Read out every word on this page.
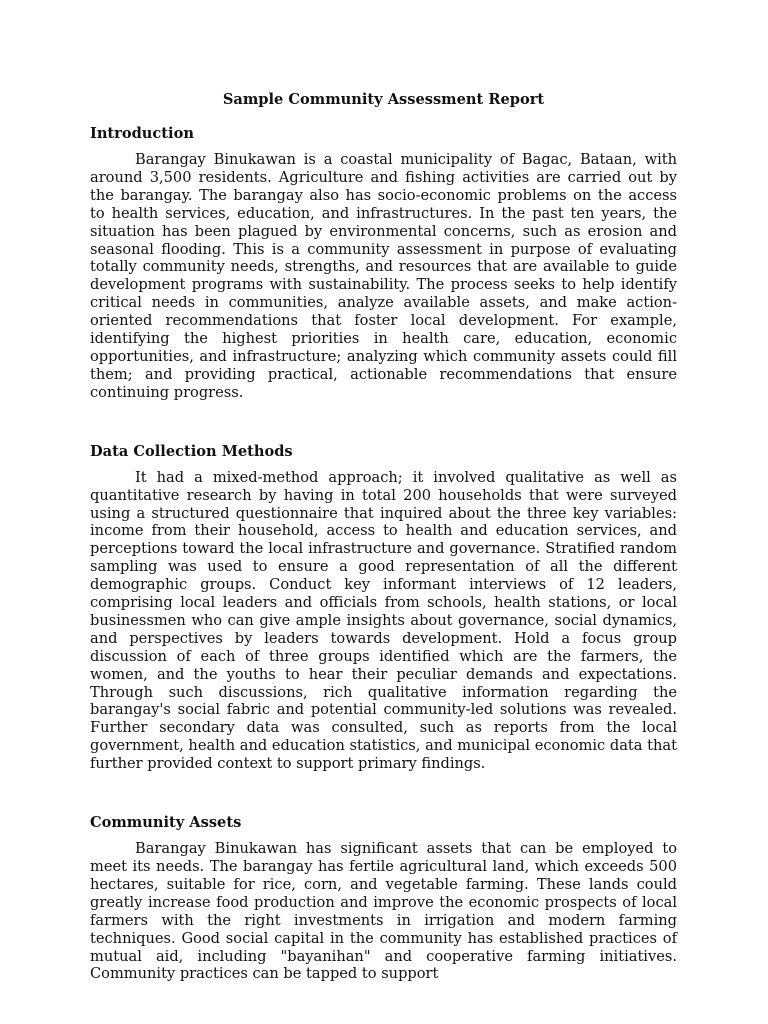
Sample Community Assessment Report
Introduction

Barangay Binukawan is a coastal municipality of Bagac, Bataan, with around 3,500 residents. Agriculture and fishing activities are carried out by the barangay. The barangay also has socio-economic problems on the access to health services, education, and infrastructures. In the past ten years, the situation has been plagued by environmental concerns, such as erosion and seasonal flooding. This is a community assessment in purpose of evaluating totally community needs, strengths, and resources that are available to guide development programs with sustainability. The process seeks to help identify critical needs in communities, analyze available assets, and make action-oriented recommendations that foster local development. For example, identifying the highest priorities in health care, education, economic opportunities, and infrastructure; analyzing which community assets could fill them; and providing practical, actionable recommendations that ensure continuing progress.

Data Collection Methods

It had a mixed-method approach; it involved qualitative as well as quantitative research by having in total 200 households that were surveyed using a structured questionnaire that inquired about the three key variables: income from their household, access to health and education services, and perceptions toward the local infrastructure and governance. Stratified random sampling was used to ensure a good representation of all the different demographic groups. Conduct key informant interviews of 12 leaders, comprising local leaders and officials from schools, health stations, or local businessmen who can give ample insights about governance, social dynamics, and perspectives by leaders towards development. Hold a focus group discussion of each of three groups identified which are the farmers, the women, and the youths to hear their peculiar demands and expectations. Through such discussions, rich qualitative information regarding the barangay's social fabric and potential community-led solutions was revealed. Further secondary data was consulted, such as reports from the local government, health and education statistics, and municipal economic data that further provided context to support primary findings.

Community Assets

Barangay Binukawan has significant assets that can be employed to meet its needs. The barangay has fertile agricultural land, which exceeds 500 hectares, suitable for rice, corn, and vegetable farming. These lands could greatly increase food production and improve the economic prospects of local farmers with the right investments in irrigation and modern farming techniques. Good social capital in the community has established practices of mutual aid, including "bayanihan" and cooperative farming initiatives. Community practices can be tapped to support
